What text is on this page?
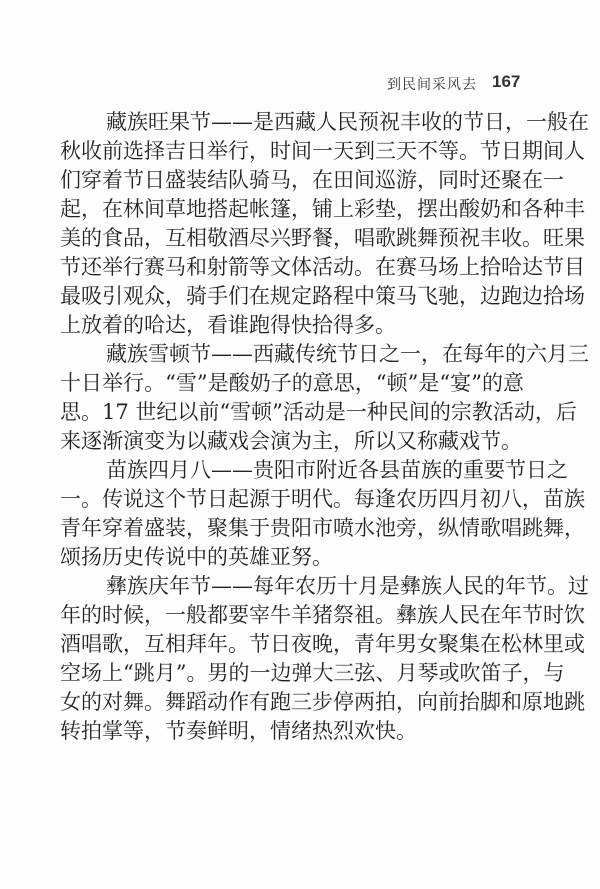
到民间采风去 167
藏族旺果节——是西藏人民预祝丰收的节日，一般在
秋收前选择吉日举行，时间一天到三天不等。节日期间人
们穿着节日盛装结队骑马，在田间巡游，同时还聚在一
起，在林间草地搭起帐篷，铺上彩垫，摆出酸奶和各种丰
美的食品，互相敬酒尽兴野餐，唱歌跳舞预祝丰收。旺果
节还举行赛马和射箭等文体活动。在赛马场上拾哈达节目
最吸引观众，骑手们在规定路程中策马飞驰，边跑边拾场
上放着的哈达，看谁跑得快拾得多。
藏族雪顿节——西藏传统节日之一，在每年的六月三
十日举行。“雪”是酸奶子的意思，“顿”是“宴”的意
思。17 世纪以前“雪顿”活动是一种民间的宗教活动，后
来逐渐演变为以藏戏会演为主，所以又称藏戏节。
苗族四月八——贵阳市附近各县苗族的重要节日之
一。传说这个节日起源于明代。每逢农历四月初八，苗族
青年穿着盛装，聚集于贵阳市喷水池旁，纵情歌唱跳舞，
颂扬历史传说中的英雄亚努。
彝族庆年节——每年农历十月是彝族人民的年节。过
年的时候，一般都要宰牛羊猪祭祖。彝族人民在年节时饮
酒唱歌，互相拜年。节日夜晚，青年男女聚集在松林里或
空场上“跳月”。男的一边弹大三弦、月琴或吹笛子，与
女的对舞。舞蹈动作有跑三步停两拍，向前抬脚和原地跳
转拍掌等，节奏鲜明，情绪热烈欢快。
